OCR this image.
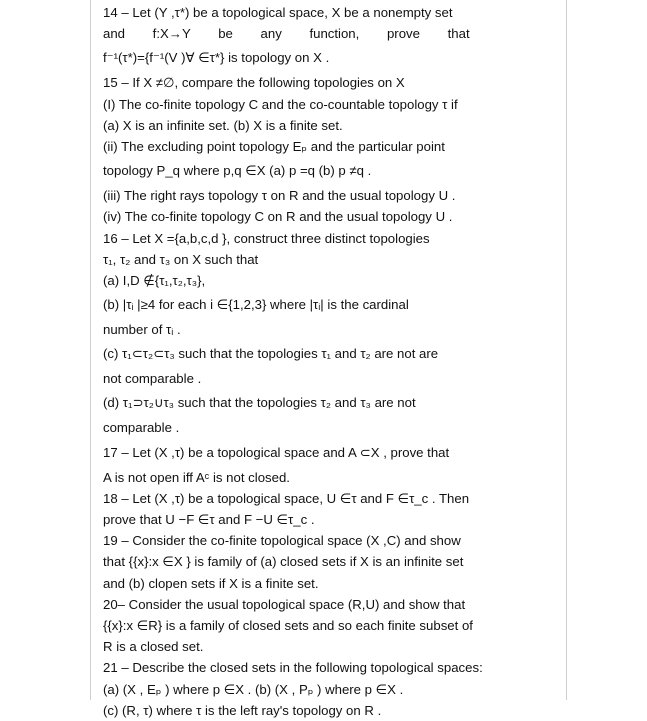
14 – Let (Y ,τ*) be a topological space, X be a nonempty set
and f:X→Y be any function, prove that
f⁻¹(τ*)={f⁻¹(V )∀ ∈τ*} is topology on X .
15 – If X ≠∅, compare the following topologies on X
(I) The co-finite topology C and the co-countable topology τ if
(a) X is an infinite set. (b) X is a finite set.
(ii) The excluding point topology Eₚ and the particular point
topology P_q where p,q ∈X (a) p =q (b) p ≠q .
(iii) The right rays topology τ on R and the usual topology U .
(iv) The co-finite topology C on R and the usual topology U .
16 – Let X ={a,b,c,d }, construct three distinct topologies
τ₁, τ₂ and τ₃ on X such that
(a) I,D ∉{τ₁,τ₂,τ₃},
(b) |τᵢ |≥4 for each i ∈{1,2,3} where |τᵢ| is the cardinal
number of τᵢ .
(c) τ₁⊂τ₂⊂τ₃ such that the topologies τ₁ and τ₂ are not are
not comparable .
(d) τ₁⊃τ₂∪τ₃ such that the topologies τ₂ and τ₃ are not
comparable .
17 – Let (X ,τ) be a topological space and A ⊂X , prove that
A is not open iff Aᶜ is not closed.
18 – Let (X ,τ) be a topological space, U ∈τ and F ∈τ_c . Then
prove that U −F ∈τ and F −U ∈τ_c .
19 – Consider the co-finite topological space (X ,C) and show
that {{x}:x ∈X } is family of (a) closed sets if X is an infinite set
and (b) clopen sets if X is a finite set.
20– Consider the usual topological space (R,U) and show that
{{x}:x ∈R} is a family of closed sets and so each finite subset of
R is a closed set.
21 – Describe the closed sets in the following topological spaces:
(a) (X , Eₚ ) where p ∈X . (b) (X , Pₚ ) where p ∈X .
(c) (R, τ) where τ is the left ray's topology on R .
